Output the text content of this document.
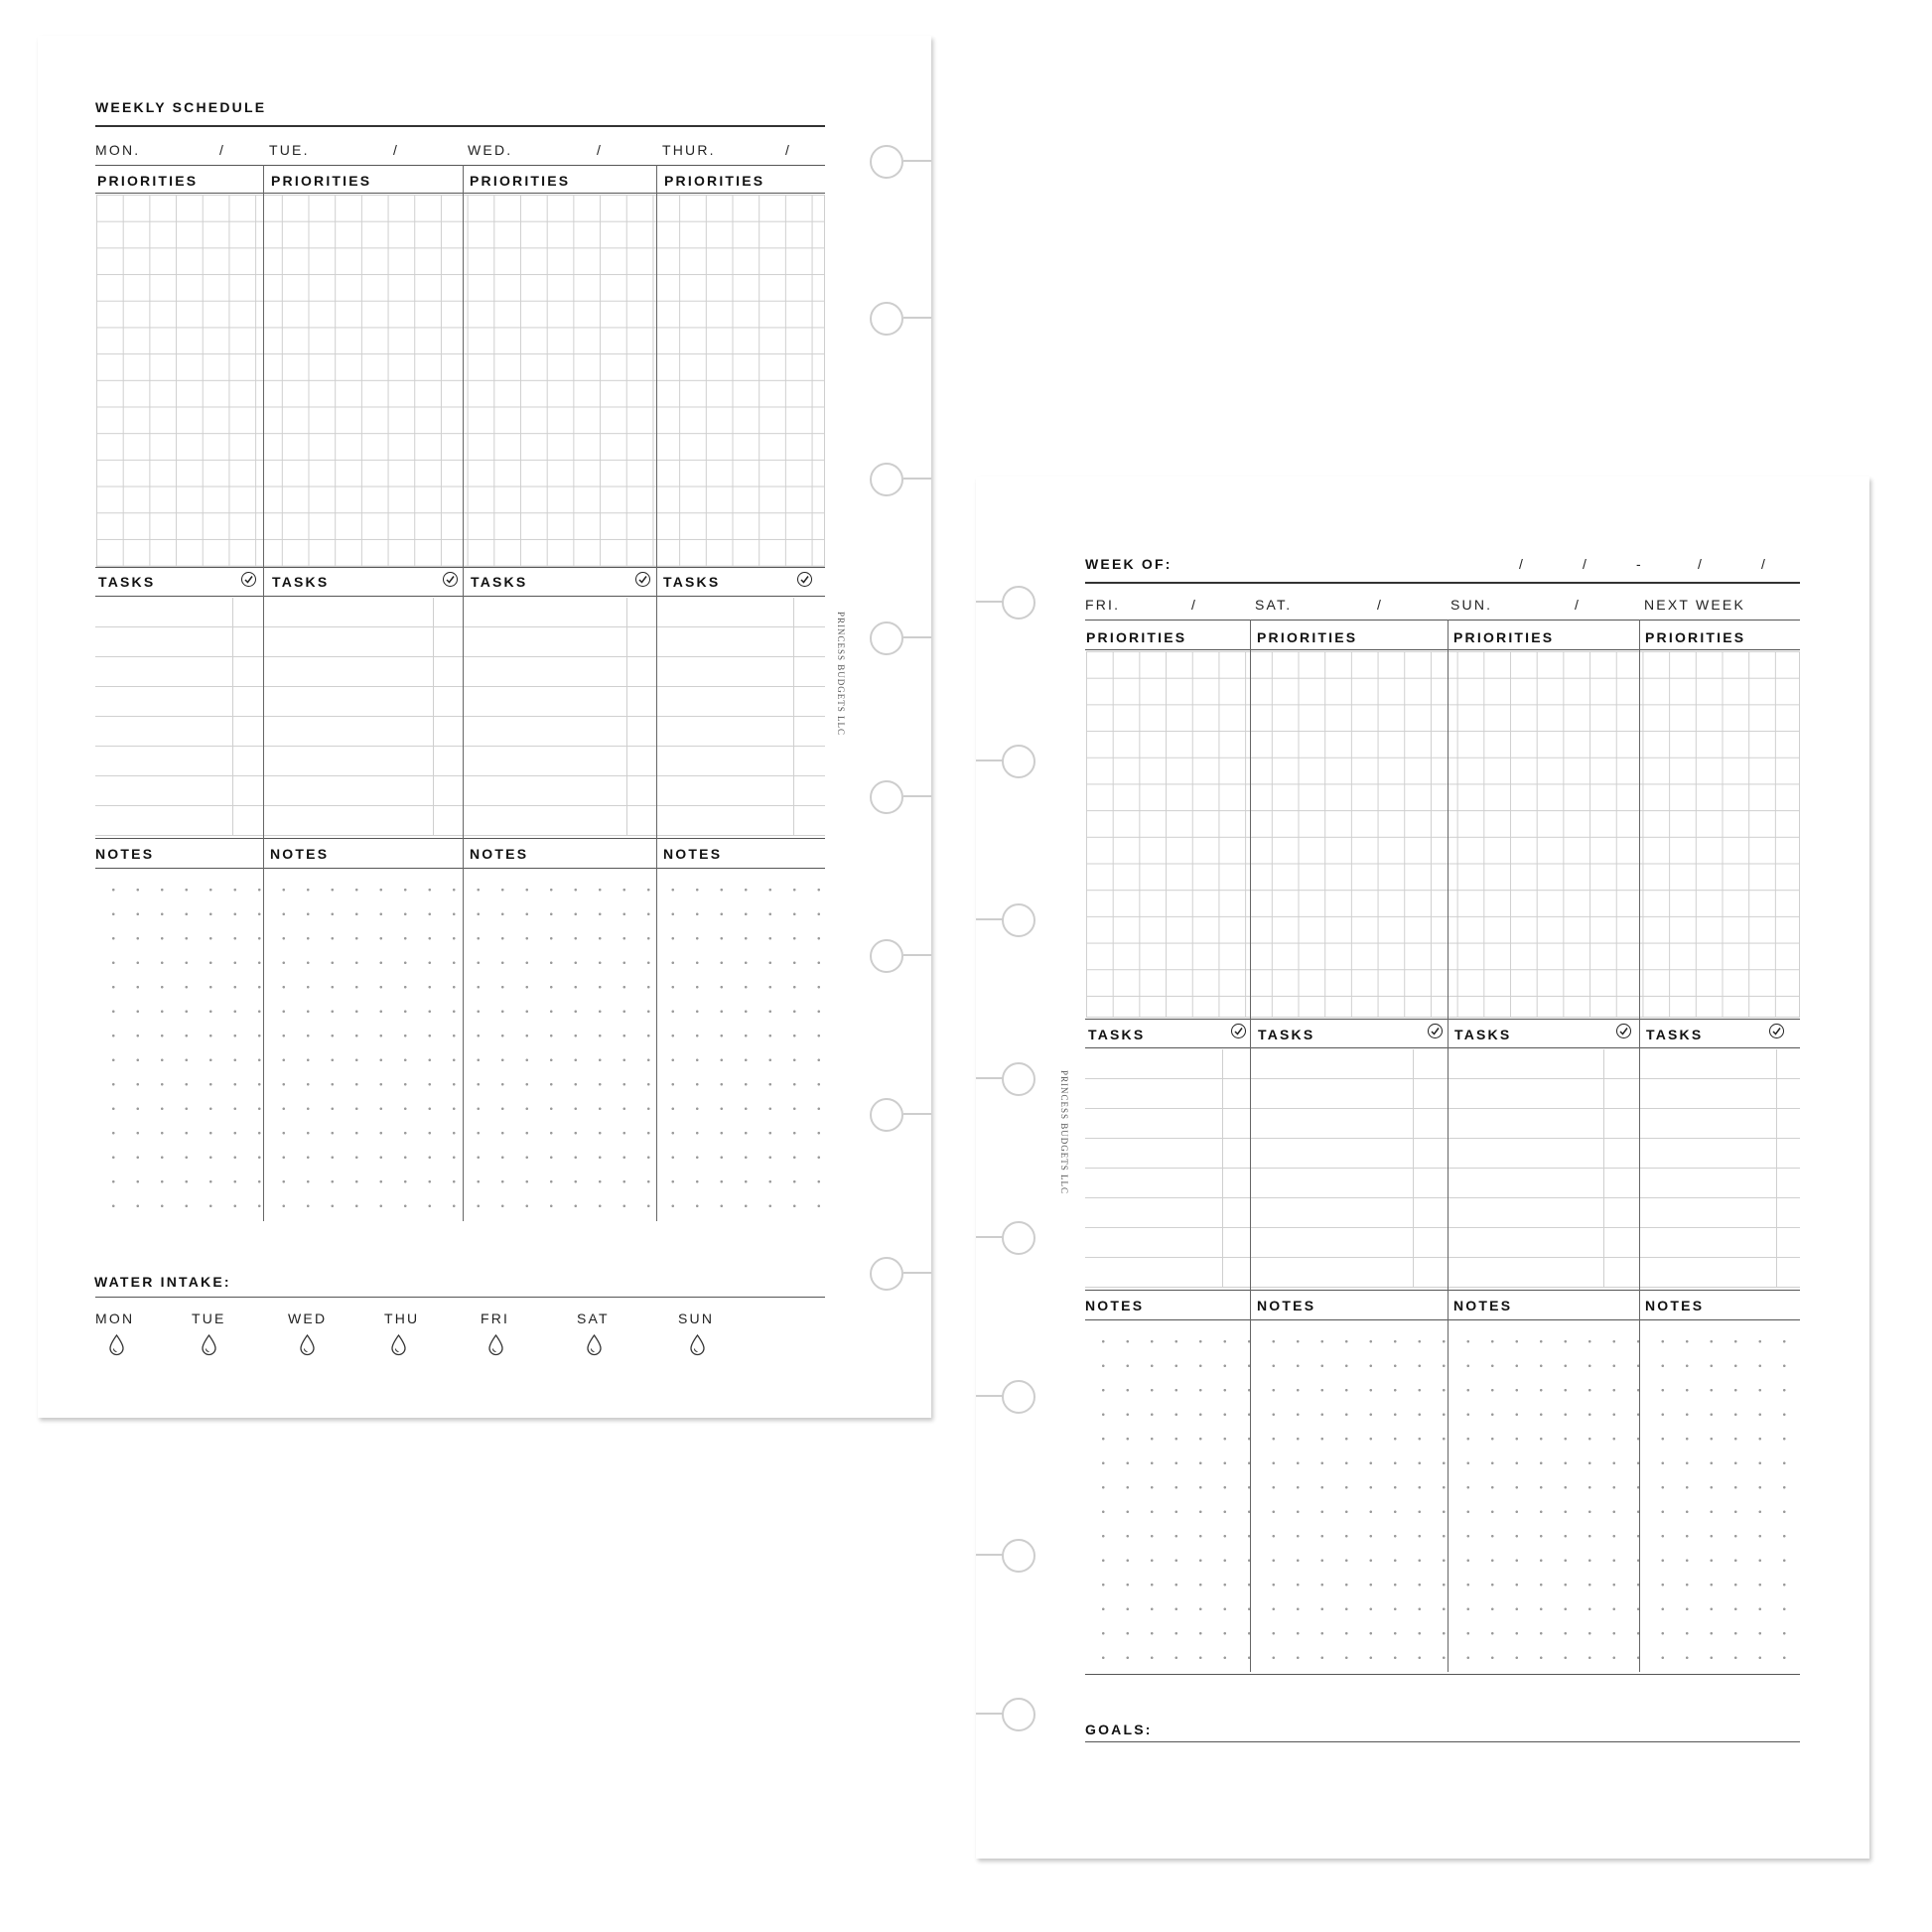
WEEKLY SCHEDULE
MON.	/	TUE.	/	WED.	/	THUR.	/
PRIORITIES	PRIORITIES	PRIORITIES	PRIORITIES
TASKS	TASKS	TASKS	TASKS
NOTES	NOTES	NOTES	NOTES
WATER INTAKE:
MON	TUE	WED	THU	FRI	SAT	SUN
PRINCESS BUDGETS LLC
WEEK OF:	/	/	-	/	/
FRI.	/	SAT.	/	SUN.	/	NEXT WEEK
PRIORITIES	PRIORITIES	PRIORITIES	PRIORITIES
TASKS	TASKS	TASKS	TASKS
NOTES	NOTES	NOTES	NOTES
GOALS:
PRINCESS BUDGETS LLC
